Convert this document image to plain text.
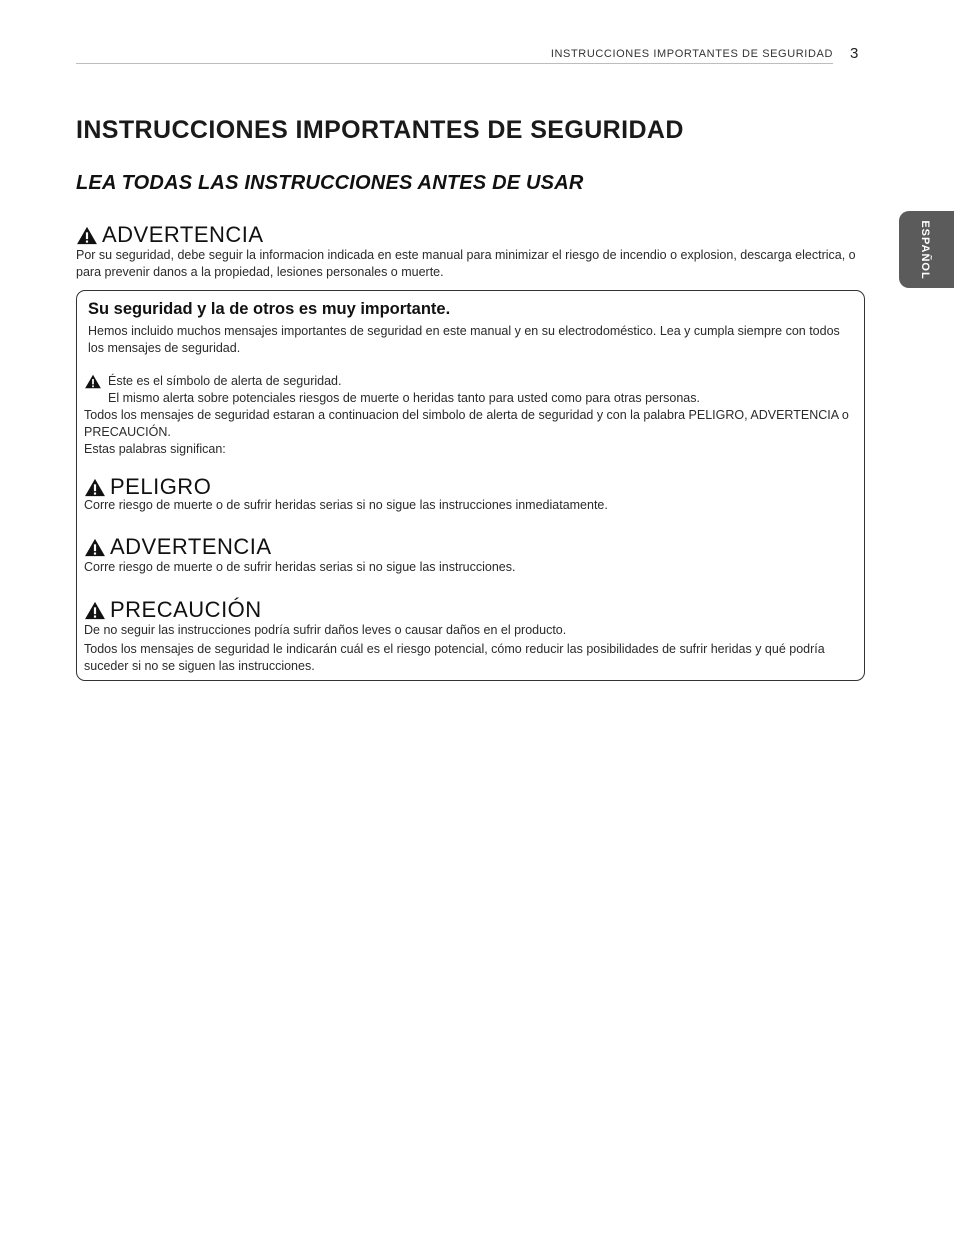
INSTRUCCIONES IMPORTANTES DE SEGURIDAD 3
ESPAÑOL
INSTRUCCIONES IMPORTANTES DE SEGURIDAD
LEA TODAS LAS INSTRUCCIONES ANTES DE USAR
ADVERTENCIA
Por su seguridad, debe seguir la informacion indicada en este manual para minimizar el riesgo de incendio o explosion, descarga electrica, o para prevenir danos a la propiedad, lesiones personales o muerte.
Su seguridad y la de otros es muy importante.
Hemos incluido muchos mensajes importantes de seguridad en este manual y en su electrodoméstico. Lea y cumpla siempre con todos los mensajes de seguridad.
Éste es el símbolo de alerta de seguridad.
El mismo alerta sobre potenciales riesgos de muerte o heridas tanto para usted como para otras personas.
Todos los mensajes de seguridad estaran a continuacion del simbolo de alerta de seguridad y con la palabra PELIGRO, ADVERTENCIA o PRECAUCIÓN.
Estas palabras significan:
PELIGRO
Corre riesgo de muerte o de sufrir heridas serias si no sigue las instrucciones inmediatamente.
ADVERTENCIA
Corre riesgo de muerte o de sufrir heridas serias si no sigue las instrucciones.
PRECAUCIÓN
De no seguir las instrucciones podría sufrir daños leves o causar daños en el producto.
Todos los mensajes de seguridad le indicarán cuál es el riesgo potencial, cómo reducir las posibilidades de sufrir heridas y qué podría suceder si no se siguen las instrucciones.
